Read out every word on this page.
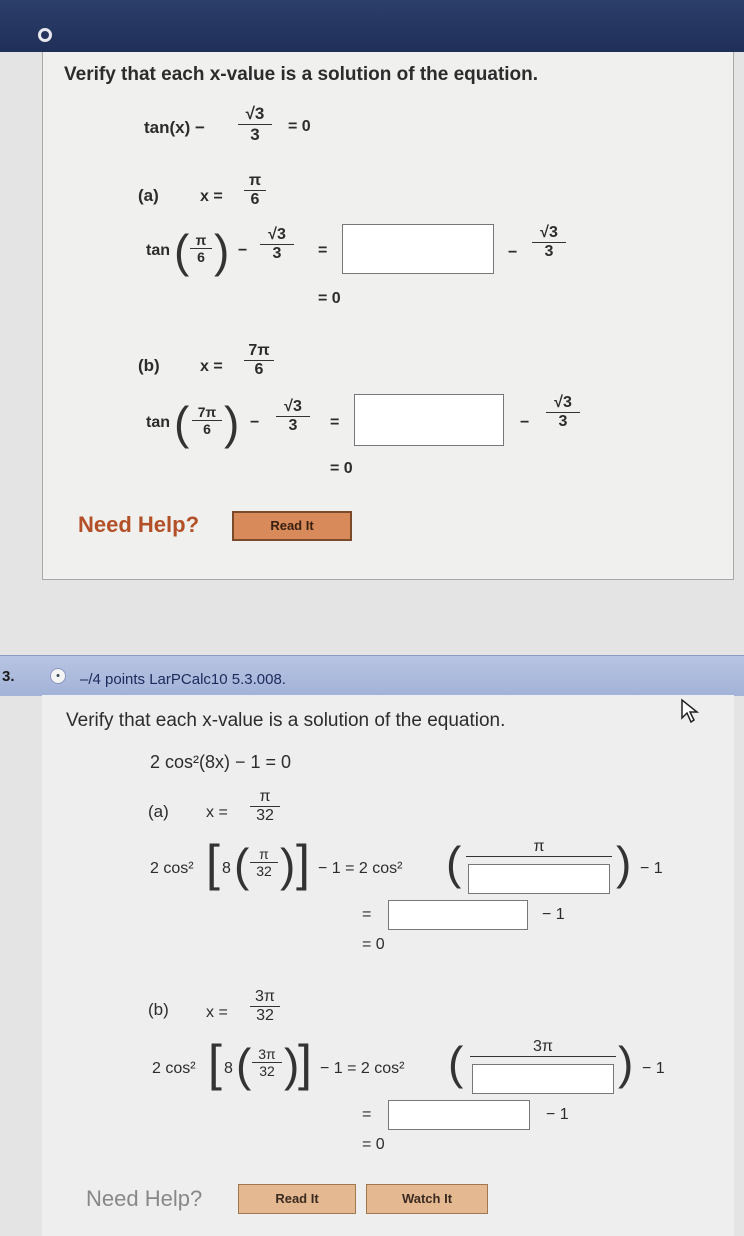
Verify that each x-value is a solution of the equation.
$\tan(x) - \frac{√3}{3} = 0$
(a)	$x = \frac{\pi}{6}$
tan ( $\frac{\pi}{6}$ ) − $\frac{√3}{3}$ =	− $\frac{√3}{3}$
= 0
(b)	$x = \frac{7\pi}{6}$
tan ( $\frac{7\pi}{6}$ ) − $\frac{√3}{3}$ =	− $\frac{√3}{3}$
= 0
Need Help?	Read It
3.	•	–/4 points LarPCalc10 5.3.008.
Verify that each x-value is a solution of the equation.
2 cos²(8x) − 1 = 0
(a) $x = \frac{\pi}{32}$
2 cos² [ 8 ( $\frac{\pi}{32}$ ) ] − 1 = 2 cos² (	π	) − 1
=	− 1
= 0
(b) $x = \frac{3\pi}{32}$
2 cos² [ 8 ( $\frac{3\pi}{32}$ )
] − 1 = 2 cos² (	3π	) − 1
=	− 1
= 0
Need Help?	Read It	Watch It
